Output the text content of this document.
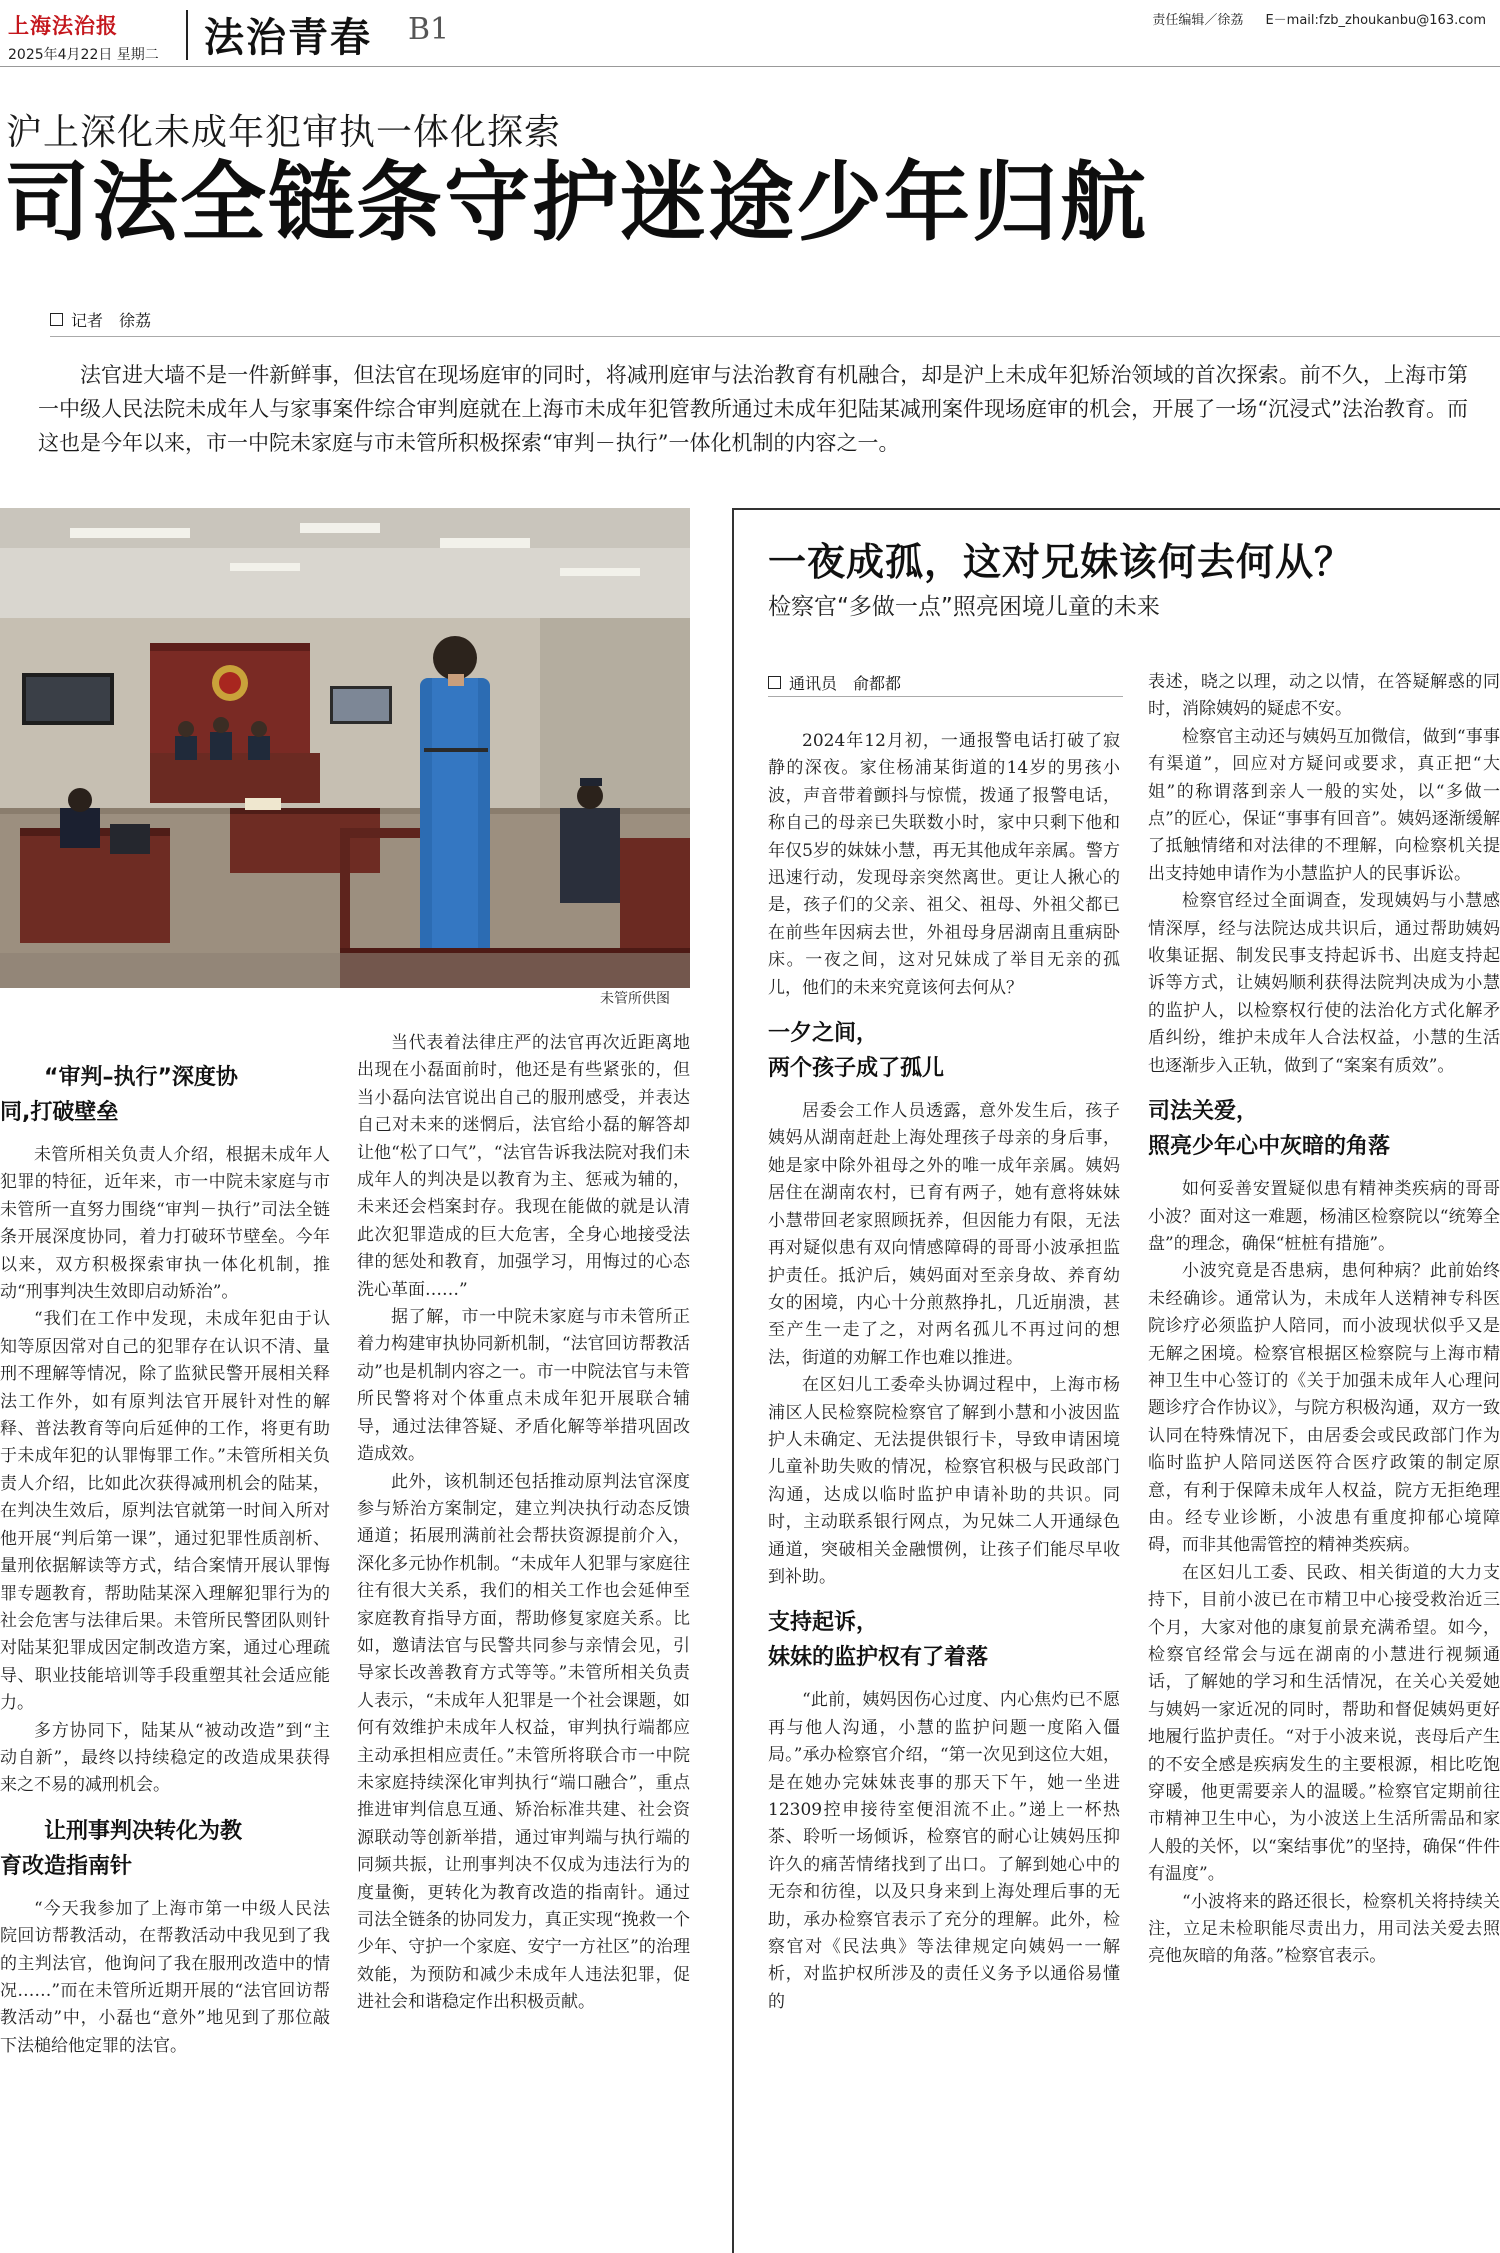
上海法治报
2025年4月22日 星期二 法治青春 B1	责任编辑／徐荔 E－mail:fzb_zhoukanbu@163.com
沪上深化未成年犯审执一体化探索
司法全链条守护迷途少年归航
记者 徐荔

法官进大墙不是一件新鲜事，但法官在现场庭审的同时，将减刑庭审与法治教育有机融合，却是沪上未成年犯矫治领域的首次探索。前不久，上海市第一中级人民法院未成年人与家事案件综合审判庭就在上海市未成年犯管教所通过未成年犯陆某减刑案件现场庭审的机会，开展了一场“沉浸式”法治教育。而这也是今年以来，市一中院未家庭与市未管所积极探索“审判－执行”一体化机制的内容之一。

未管所供图
“审判–执行”深度协
同,打破壁垒

未管所相关负责人介绍，根据未成年人犯罪的特征，近年来，市一中院未家庭与市未管所一直努力围绕“审判－执行”司法全链条开展深度协同，着力打破环节壁垒。今年以来，双方积极探索审执一体化机制，推动“刑事判决生效即启动矫治”。

“我们在工作中发现，未成年犯由于认知等原因常对自己的犯罪存在认识不清、量刑不理解等情况，除了监狱民警开展相关释法工作外，如有原判法官开展针对性的解释、普法教育等向后延伸的工作，将更有助于未成年犯的认罪悔罪工作。”未管所相关负责人介绍，比如此次获得减刑机会的陆某，在判决生效后，原判法官就第一时间入所对他开展“判后第一课”，通过犯罪性质剖析、量刑依据解读等方式，结合案情开展认罪悔罪专题教育，帮助陆某深入理解犯罪行为的社会危害与法律后果。未管所民警团队则针对陆某犯罪成因定制改造方案，通过心理疏导、职业技能培训等手段重塑其社会适应能力。

多方协同下，陆某从“被动改造”到“主动自新”，最终以持续稳定的改造成果获得来之不易的减刑机会。

让刑事判决转化为教
育改造指南针

“今天我参加了上海市第一中级人民法院回访帮教活动，在帮教活动中我见到了我的主判法官，他询问了我在服刑改造中的情况……”而在未管所近期开展的“法官回访帮教活动”中，小磊也“意外”地见到了那位敲下法槌给他定罪的法官。

当代表着法律庄严的法官再次近距离地出现在小磊面前时，他还是有些紧张的，但当小磊向法官说出自己的服刑感受，并表达自己对未来的迷惘后，法官给小磊的解答却让他“松了口气”，“法官告诉我法院对我们未成年人的判决是以教育为主、惩戒为辅的，未来还会档案封存。我现在能做的就是认清此次犯罪造成的巨大危害，全身心地接受法律的惩处和教育，加强学习，用悔过的心态洗心革面……”

据了解，市一中院未家庭与市未管所正着力构建审执协同新机制，“法官回访帮教活动”也是机制内容之一。市一中院法官与未管所民警将对个体重点未成年犯开展联合辅导，通过法律答疑、矛盾化解等举措巩固改造成效。

此外，该机制还包括推动原判法官深度参与矫治方案制定，建立判决执行动态反馈通道；拓展刑满前社会帮扶资源提前介入，深化多元协作机制。“未成年人犯罪与家庭往往有很大关系，我们的相关工作也会延伸至家庭教育指导方面，帮助修复家庭关系。比如，邀请法官与民警共同参与亲情会见，引导家长改善教育方式等等。”未管所相关负责人表示，“未成年人犯罪是一个社会课题，如何有效维护未成年人权益，审判执行端都应主动承担相应责任。”未管所将联合市一中院未家庭持续深化审判执行“端口融合”，重点推进审判信息互通、矫治标准共建、社会资源联动等创新举措，通过审判端与执行端的同频共振，让刑事判决不仅成为违法行为的度量衡，更转化为教育改造的指南针。通过司法全链条的协同发力，真正实现“挽救一个少年、守护一个家庭、安宁一方社区”的治理效能，为预防和减少未成年人违法犯罪，促进社会和谐稳定作出积极贡献。

一夜成孤，这对兄妹该何去何从？
检察官“多做一点”照亮困境儿童的未来
通讯员 俞都都

2024年12月初，一通报警电话打破了寂静的深夜。家住杨浦某街道的14岁的男孩小波，声音带着颤抖与惊慌，拨通了报警电话，称自己的母亲已失联数小时，家中只剩下他和年仅5岁的妹妹小慧，再无其他成年亲属。警方迅速行动，发现母亲突然离世。更让人揪心的是，孩子们的父亲、祖父、祖母、外祖父都已在前些年因病去世，外祖母身居湖南且重病卧床。一夜之间，这对兄妹成了举目无亲的孤儿，他们的未来究竟该何去何从？

一夕之间，
两个孩子成了孤儿

居委会工作人员透露，意外发生后，孩子姨妈从湖南赶赴上海处理孩子母亲的身后事，她是家中除外祖母之外的唯一成年亲属。姨妈居住在湖南农村，已育有两子，她有意将妹妹小慧带回老家照顾抚养，但因能力有限，无法再对疑似患有双向情感障碍的哥哥小波承担监护责任。抵沪后，姨妈面对至亲身故、养育幼女的困境，内心十分煎熬挣扎，几近崩溃，甚至产生一走了之，对两名孤儿不再过问的想法，街道的劝解工作也难以推进。

在区妇儿工委牵头协调过程中，上海市杨浦区人民检察院检察官了解到小慧和小波因监护人未确定、无法提供银行卡，导致申请困境儿童补助失败的情况，检察官积极与民政部门沟通，达成以临时监护申请补助的共识。同时，主动联系银行网点，为兄妹二人开通绿色通道，突破相关金融惯例，让孩子们能尽早收到补助。

支持起诉，
妹妹的监护权有了着落

“此前，姨妈因伤心过度、内心焦灼已不愿再与他人沟通，小慧的监护问题一度陷入僵局。”承办检察官介绍，“第一次见到这位大姐，是在她办完妹妹丧事的那天下午，她一坐进12309控申接待室便泪流不止。”递上一杯热茶、聆听一场倾诉，检察官的耐心让姨妈压抑许久的痛苦情绪找到了出口。了解到她心中的无奈和彷徨，以及只身来到上海处理后事的无助，承办检察官表示了充分的理解。此外，检察官对《民法典》等法律规定向姨妈一一解析，对监护权所涉及的责任义务予以通俗易懂的

表述，晓之以理，动之以情，在答疑解惑的同时，消除姨妈的疑虑不安。

检察官主动还与姨妈互加微信，做到“事事有渠道”，回应对方疑问或要求，真正把“大姐”的称谓落到亲人一般的实处，以“多做一点”的匠心，保证“事事有回音”。姨妈逐渐缓解了抵触情绪和对法律的不理解，向检察机关提出支持她申请作为小慧监护人的民事诉讼。

检察官经过全面调查，发现姨妈与小慧感情深厚，经与法院达成共识后，通过帮助姨妈收集证据、制发民事支持起诉书、出庭支持起诉等方式，让姨妈顺利获得法院判决成为小慧的监护人，以检察权行使的法治化方式化解矛盾纠纷，维护未成年人合法权益，小慧的生活也逐渐步入正轨，做到了“案案有质效”。

司法关爱，
照亮少年心中灰暗的角落

如何妥善安置疑似患有精神类疾病的哥哥小波？面对这一难题，杨浦区检察院以“统筹全盘”的理念，确保“桩桩有措施”。

小波究竟是否患病，患何种病？此前始终未经确诊。通常认为，未成年人送精神专科医院诊疗必须监护人陪同，而小波现状似乎又是无解之困境。检察官根据区检察院与上海市精神卫生中心签订的《关于加强未成年人心理问题诊疗合作协议》，与院方积极沟通，双方一致认同在特殊情况下，由居委会或民政部门作为临时监护人陪同送医符合医疗政策的制定原意，有利于保障未成年人权益，院方无拒绝理由。经专业诊断，小波患有重度抑郁心境障碍，而非其他需管控的精神类疾病。

在区妇儿工委、民政、相关街道的大力支持下，目前小波已在市精卫中心接受救治近三个月，大家对他的康复前景充满希望。如今，检察官经常会与远在湖南的小慧进行视频通话，了解她的学习和生活情况，在关心关爱她与姨妈一家近况的同时，帮助和督促姨妈更好地履行监护责任。“对于小波来说，丧母后产生的不安全感是疾病发生的主要根源，相比吃饱穿暖，他更需要亲人的温暖。”检察官定期前往市精神卫生中心，为小波送上生活所需品和家人般的关怀，以“案结事优”的坚持，确保“件件有温度”。

“小波将来的路还很长，检察机关将持续关注，立足未检职能尽责出力，用司法关爱去照亮他灰暗的角落。”检察官表示。
